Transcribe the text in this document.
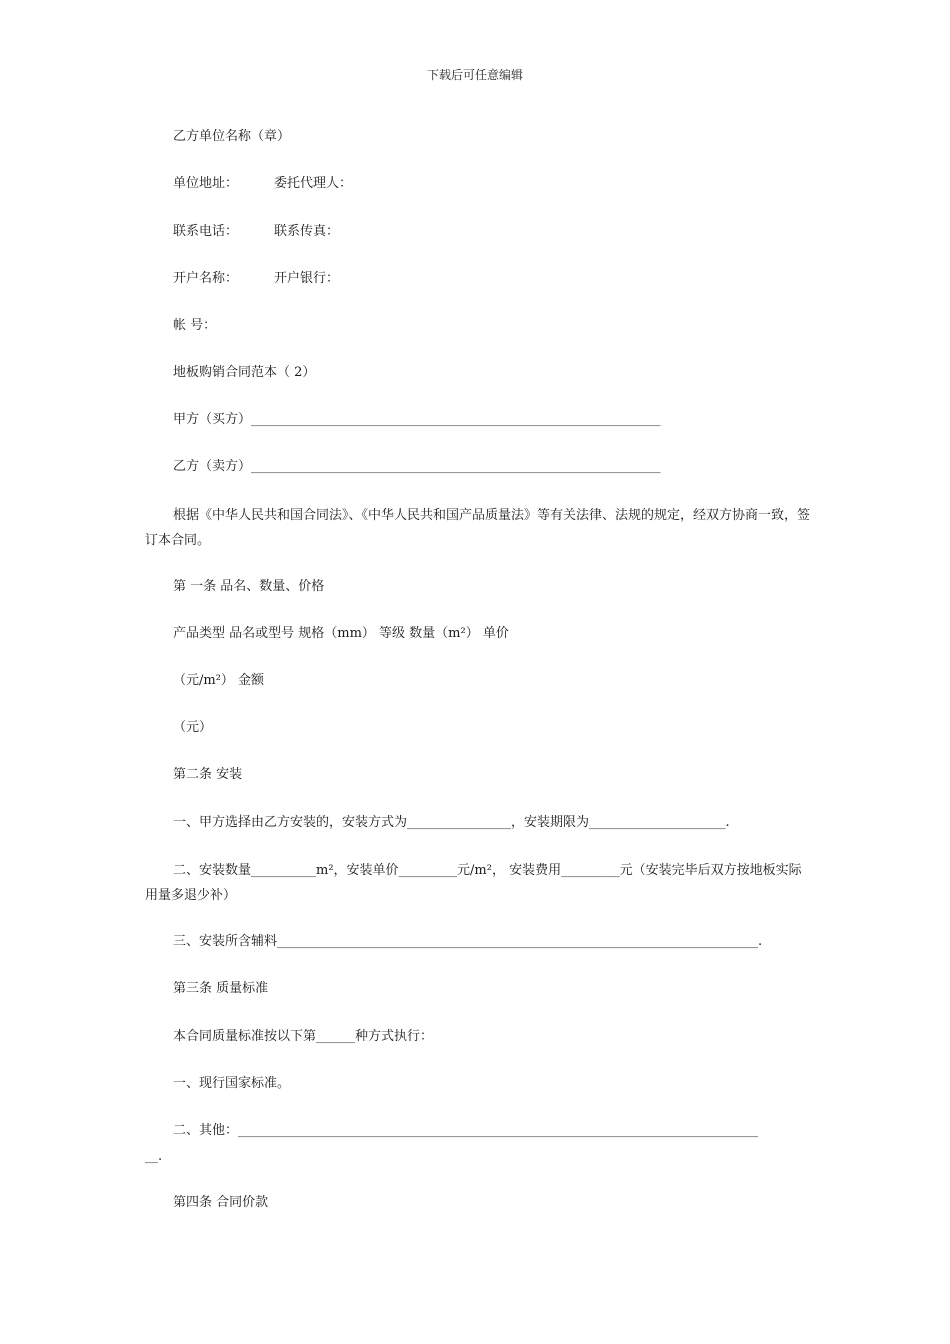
下载后可任意编辑
乙方单位名称（章）
单位地址：	委托代理人：
联系电话：	联系传真：
开户名称：	开户银行：
帐 号：
地板购销合同范本（ 2）
甲方（买方）_______________________________________________________________
乙方（卖方）_______________________________________________________________
根据《中华人民共和国合同法》、《中华人民共和国产品质量法》等有关法律、法规的规定，经双方协商一致，签订本合同。
第 一条 品名、数量、价格
产品类型 品名或型号 规格（mm） 等级 数量（m²） 单价
（元/m²） 金额
（元）
第二条 安装
一、甲方选择由乙方安装的，安装方式为________________，安装期限为_____________________.
二、安装数量__________m²，安装单价_________元/m²， 安装费用_________元（安装完毕后双方按地板实际用量多退少补）
三、安装所含辅料__________________________________________________________________________.
第三条 质量标准
本合同质量标准按以下第______种方式执行：
一、现行国家标准。
二、其他：________________________________________________________________________________
__.
第四条 合同价款
